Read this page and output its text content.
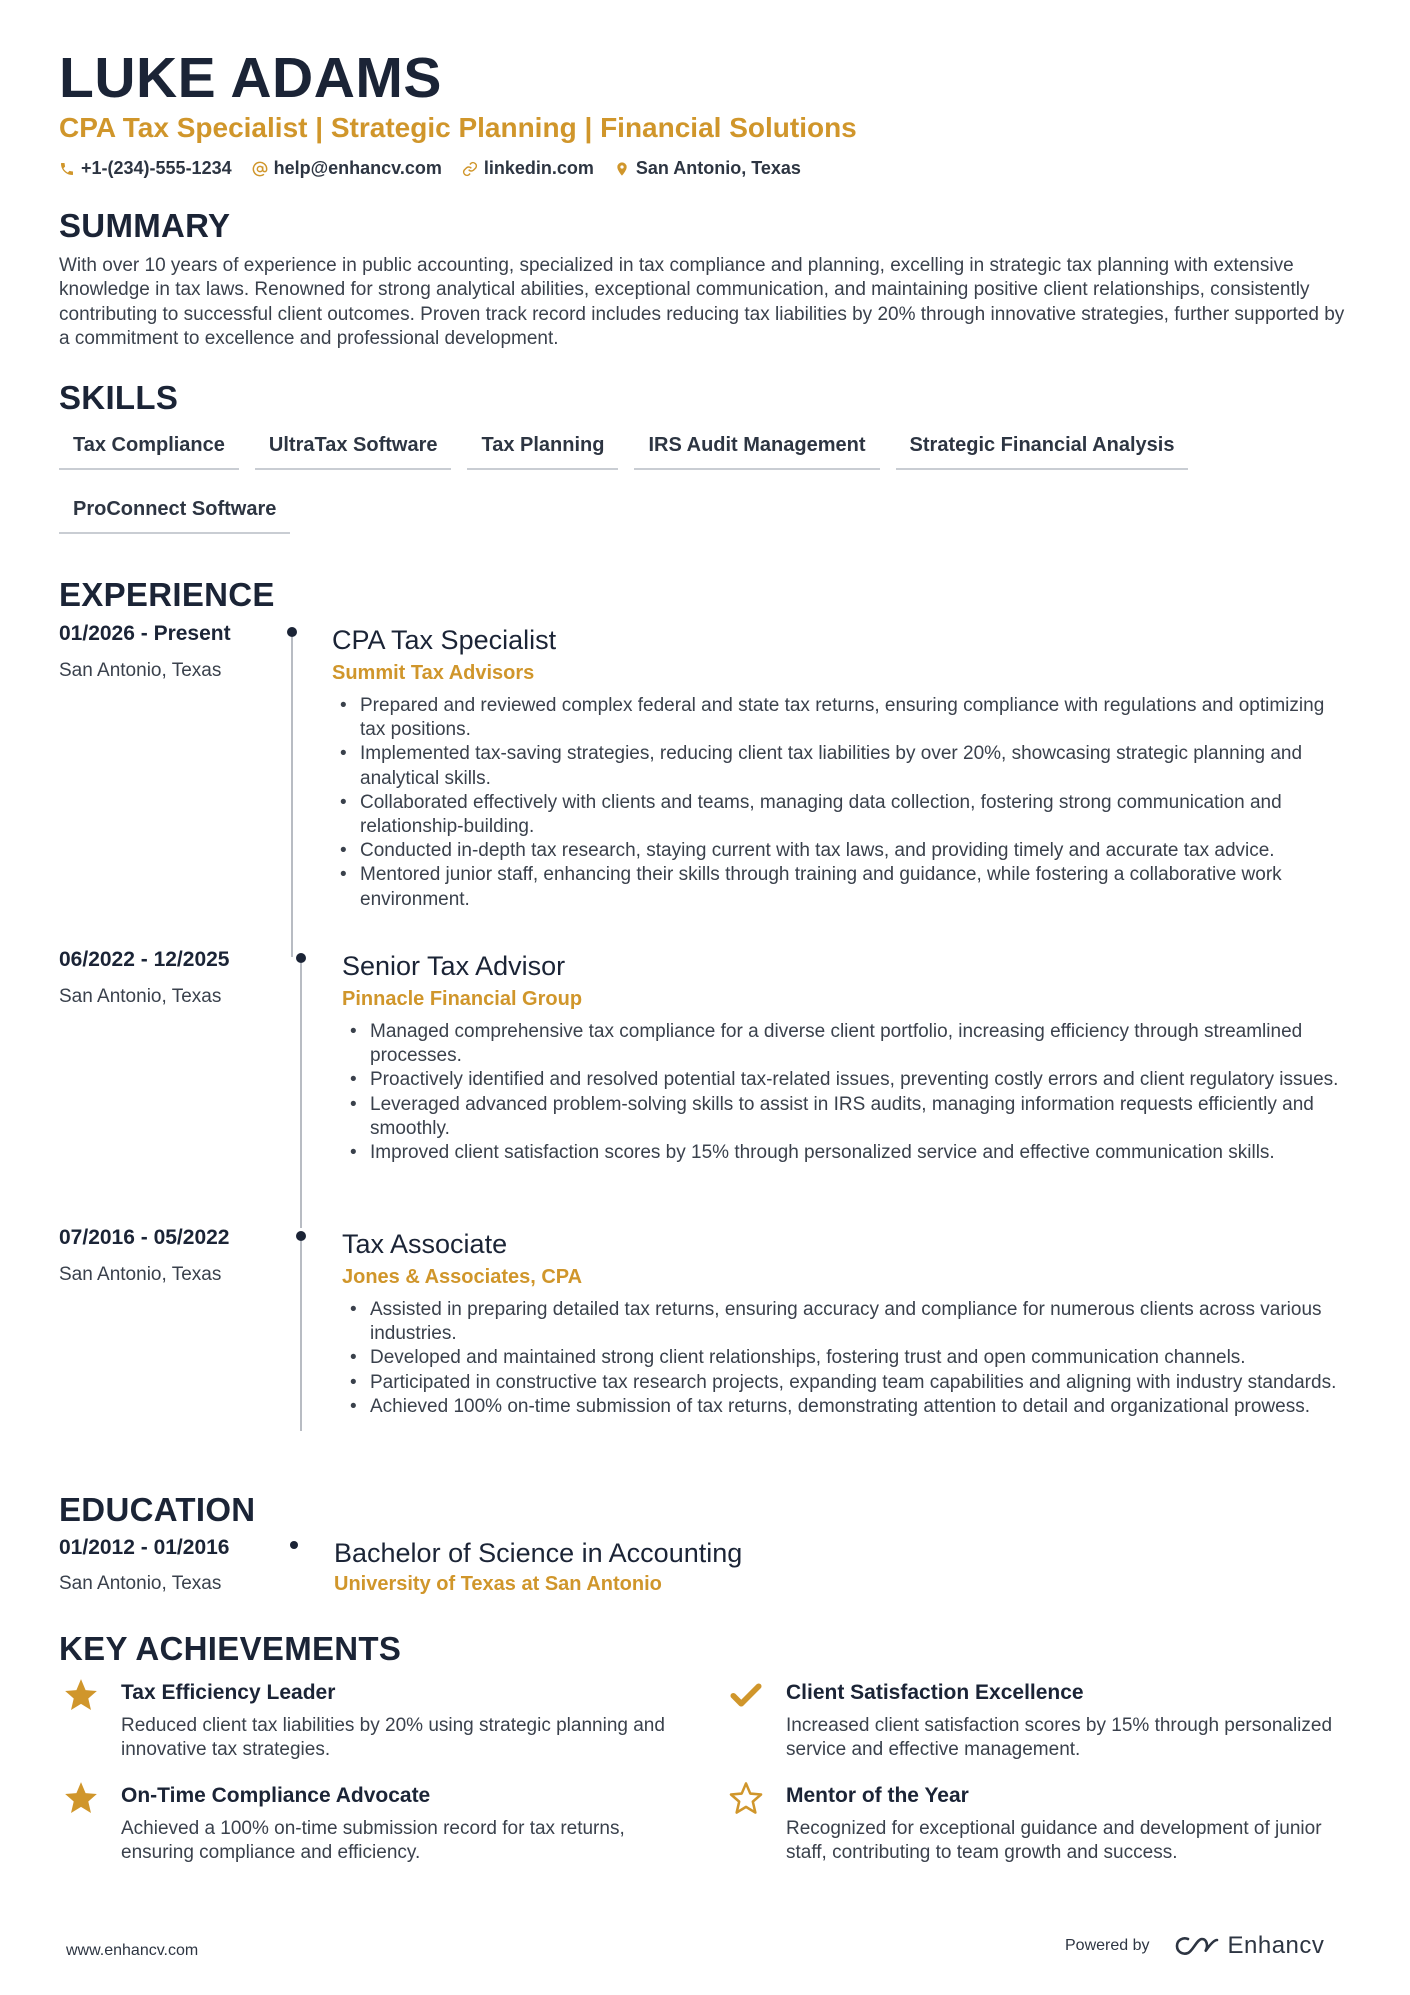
LUKE ADAMS
CPA Tax Specialist | Strategic Planning | Financial Solutions
+1-(234)-555-1234 help@enhancv.com linkedin.com San Antonio, Texas
SUMMARY
With over 10 years of experience in public accounting, specialized in tax compliance and planning, excelling in strategic tax planning with extensive knowledge in tax laws. Renowned for strong analytical abilities, exceptional communication, and maintaining positive client relationships, consistently contributing to successful client outcomes. Proven track record includes reducing tax liabilities by 20% through innovative strategies, further supported by a commitment to excellence and professional development.
SKILLS
Tax Compliance	UltraTax Software	Tax Planning	IRS Audit Management	Strategic Financial Analysis
ProConnect Software
EXPERIENCE
01/2026 - Present
San Antonio, Texas
CPA Tax Specialist
Summit Tax Advisors
• Prepared and reviewed complex federal and state tax returns, ensuring compliance with regulations and optimizing tax positions.
• Implemented tax-saving strategies, reducing client tax liabilities by over 20%, showcasing strategic planning and analytical skills.
• Collaborated effectively with clients and teams, managing data collection, fostering strong communication and relationship-building.
• Conducted in-depth tax research, staying current with tax laws, and providing timely and accurate tax advice.
• Mentored junior staff, enhancing their skills through training and guidance, while fostering a collaborative work environment.
06/2022 - 12/2025
San Antonio, Texas
Senior Tax Advisor
Pinnacle Financial Group
• Managed comprehensive tax compliance for a diverse client portfolio, increasing efficiency through streamlined processes.
• Proactively identified and resolved potential tax-related issues, preventing costly errors and client regulatory issues.
• Leveraged advanced problem-solving skills to assist in IRS audits, managing information requests efficiently and smoothly.
• Improved client satisfaction scores by 15% through personalized service and effective communication skills.
07/2016 - 05/2022
San Antonio, Texas
Tax Associate
Jones & Associates, CPA
• Assisted in preparing detailed tax returns, ensuring accuracy and compliance for numerous clients across various industries.
• Developed and maintained strong client relationships, fostering trust and open communication channels.
• Participated in constructive tax research projects, expanding team capabilities and aligning with industry standards.
• Achieved 100% on-time submission of tax returns, demonstrating attention to detail and organizational prowess.
EDUCATION
01/2012 - 01/2016
San Antonio, Texas
Bachelor of Science in Accounting
University of Texas at San Antonio
KEY ACHIEVEMENTS
Tax Efficiency Leader
Reduced client tax liabilities by 20% using strategic planning and innovative tax strategies.
Client Satisfaction Excellence
Increased client satisfaction scores by 15% through personalized service and effective management.
On-Time Compliance Advocate
Achieved a 100% on-time submission record for tax returns, ensuring compliance and efficiency.
Mentor of the Year
Recognized for exceptional guidance and development of junior staff, contributing to team growth and success.
www.enhancv.com	Powered by	Enhancv
